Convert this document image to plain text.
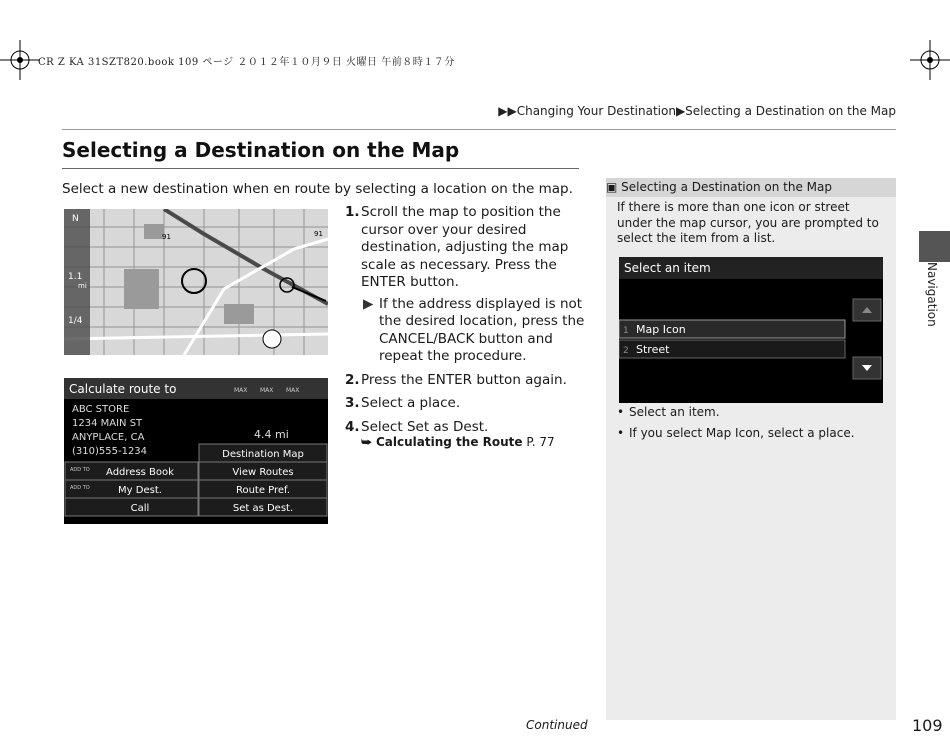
CR Z KA 31SZT820.book 109 ページ ２０１２年１０月９日 火曜日 午前８時１７分
▶▶Changing Your Destination▶Selecting a Destination on the Map
Selecting a Destination on the Map
Select a new destination when en route by selecting a location on the map.
N
1.1
mi
1/4
91	91
1. Scroll the map to position the cursor over your desired destination, adjusting the map scale as necessary. Press the ENTER button.
▶ If the address displayed is not the desired location, press the CANCEL/BACK button and repeat the procedure.
2. Press the ENTER button again.
3. Select a place.
4. Select Set as Dest.
⮩ Calculating the Route P. 77
Calculate route to	MAX MAX MAX
ABC STORE
1234 MAIN ST
ANYPLACE, CA
(310)555-1234
4.4 mi
Destination Map
Address Book	View Routes
My Dest.	Route Pref.
Call	Set as Dest.
ADD TO
ADD TO
▣ Selecting a Destination on the Map
If there is more than one icon or street under the map cursor, you are prompted to select the item from a list.
Select an item
1 Map Icon
2 Street
• Select an item.
• If you select Map Icon, select a place.
Navigation
Continued	109
